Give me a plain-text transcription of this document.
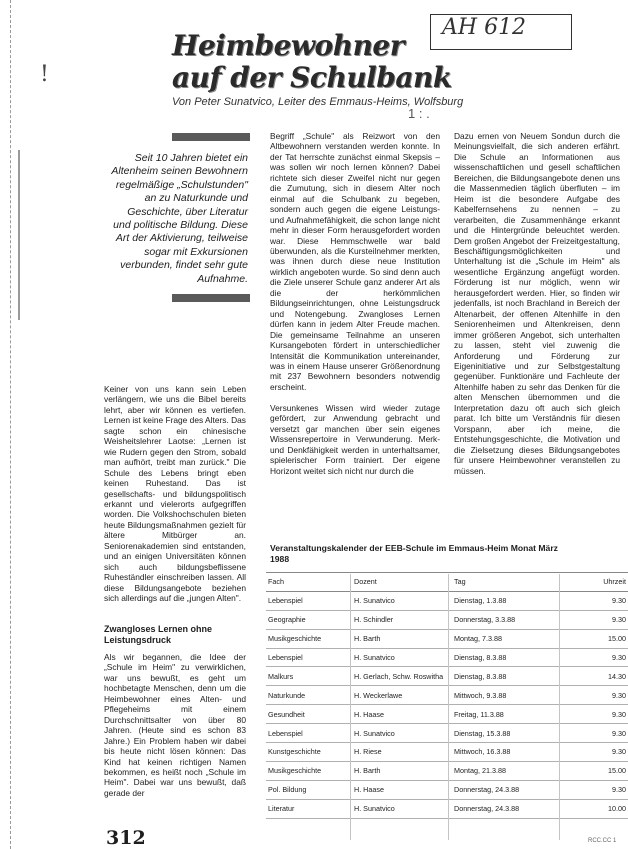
!
AH 612
Heimbewohner
auf der Schulbank

Von Peter Sunatvico, Leiter des Emmaus-Heims, Wolfsburg

1 : .

Seit 10 Jahren bietet ein Altenheim seinen Bewohnern regelmäßige „Schulstunden" an zu Naturkunde und Geschichte, über Literatur und politische Bildung. Diese Art der Aktivierung, teilweise sogar mit Exkursionen verbunden, findet sehr gute Aufnahme.

Keiner von uns kann sein Leben verlängern, wie uns die Bibel bereits lehrt, aber wir können es vertiefen. Lernen ist keine Frage des Alters. Das sagte schon ein chinesische Weisheitslehrer Laotse: „Lernen ist wie Rudern gegen den Strom, sobald man aufhört, treibt man zurück." Die Schule des Lebens bringt eben keinen Ruhestand. Das ist gesellschafts- und bildungspolitisch erkannt und vielerorts aufgegriffen worden. Die Volkshochschulen bieten heute Bildungsmaßnahmen gezielt für ältere Mitbürger an. Seniorenakademien sind entstanden, und an einigen Universitäten können sich auch bildungsbeflissene Ruheständler einschreiben lassen. All diese Bildungsangebote beziehen sich allerdings auf die „jungen Alten".

Zwangloses Lernen ohne Leistungsdruck

Als wir begannen, die Idee der „Schule im Heim" zu verwirklichen, war uns bewußt, es geht um hochbetagte Menschen, denn um die Heimbewohner eines Alten- und Pflegeheims mit einem Durchschnittsalter von über 80 Jahren. (Heute sind es schon 83 Jahre.) Ein Problem haben wir dabei bis heute nicht lösen können: Das Kind hat keinen richtigen Namen bekommen, es heißt noch „Schule im Heim". Dabei war uns bewußt, daß gerade der

Begriff „Schule" als Reizwort von den Altbewohnern verstanden werden konnte. In der Tat herrschte zunächst einmal Skepsis – was sollen wir noch lernen können? Dabei richtete sich dieser Zweifel nicht nur gegen die Zumutung, sich in diesem Alter noch einmal auf die Schulbank zu begeben, sondern auch gegen die eigene Leistungs- und Aufnahmefähigkeit, die schon lange nicht mehr in dieser Form herausgefordert worden war. Diese Hemmschwelle war bald überwunden, als die Kursteilnehmer merkten, was ihnen durch diese neue Institution wirklich angeboten wurde. So sind denn auch die Ziele unserer Schule ganz anderer Art als die der herkömmlichen Bildungseinrichtungen, ohne Leistungsdruck und Notengebung. Zwangloses Lernen dürfen kann in jedem Alter Freude machen. Die gemeinsame Teilnahme an unseren Kursangeboten fördert in unterschiedlicher Intensität die Kommunikation untereinander, was in einem Hause unserer Größenordnung mit 237 Bewohnern besonders notwendig erscheint.

Versunkenes Wissen wird wieder zutage gefördert, zur Anwendung gebracht und versetzt gar manchen über sein eigenes Wissensrepertoire in Verwunderung. Merk- und Denkfähigkeit werden in unterhaltsamer, spielerischer Form trainiert. Der eigene Horizont weitet sich nicht nur durch die

Dazu ernen von Neuem Sondun durch die Meinungsvielfalt, die sich anderen erfährt. Die Schule an Informationen aus wissenschaftlichen und gesell schaftlichen Bereichen, die Bildungsangebote denen uns die Massenmedien täglich überfluten – im Heim ist die besondere Aufgabe des Kabelfernsehens zu nennen – zu verarbeiten, die Zusammenhänge erkannt und die Hintergründe beleuchtet werden. Dem großen Angebot der Freizeitgestaltung, Beschäftigungsmöglichkeiten und Unterhaltung ist die „Schule im Heim" als wesentliche Ergänzung angefügt worden. Förderung ist nur möglich, wenn wir herausgefordert werden. Hier, so finden wir jedenfalls, ist noch Brachland in Bereich der Altenarbeit, der offenen Altenhilfe in den Seniorenheimen und Altenkreisen, denn immer größeren Angebot, sich unterhalten zu lassen, steht viel zuwenig die Anforderung und Förderung zur Eigeninitiative und zur Selbstgestaltung gegenüber. Funktionäre und Fachleute der Altenhilfe haben zu sehr das Denken für die alten Menschen übernommen und die Interpretation dazu oft auch sich gleich parat. Ich bitte um Verständnis für diesen Vorspann, aber ich meine, die Entstehungsgeschichte, die Motivation und die Zielsetzung dieses Bildungsangebotes für unsere Heimbewohner veranstellen zu müssen.

Veranstaltungskalender der EEB-Schule im Emmaus-Heim Monat März
1988

Fach	Dozent	Tag	Uhrzeit
Lebenspiel	H. Sunatvico	Dienstag, 1.3.88	9.30
Geographie	H. Schindler	Donnerstag, 3.3.88	9.30
Musikgeschichte	H. Barth	Montag, 7.3.88	15.00
Lebenspiel	H. Sunatvico	Dienstag, 8.3.88	9.30
Malkurs	H. Gerlach, Schw. Roswitha	Dienstag, 8.3.88	14.30
Naturkunde	H. Weckerlawe	Mittwoch, 9.3.88	9.30
Gesundheit	H. Haase	Freitag, 11.3.88	9.30
Lebenspiel	H. Sunatvico	Dienstag, 15.3.88	9.30
Kunstgeschichte	H. Riese	Mittwoch, 16.3.88	9.30
Musikgeschichte	H. Barth	Montag, 21.3.88	15.00
Pol. Bildung	H. Haase	Donnerstag, 24.3.88	9.30
Literatur	H. Sunatvico	Donnerstag, 24.3.88	10.00
312	RCC.CC 1
